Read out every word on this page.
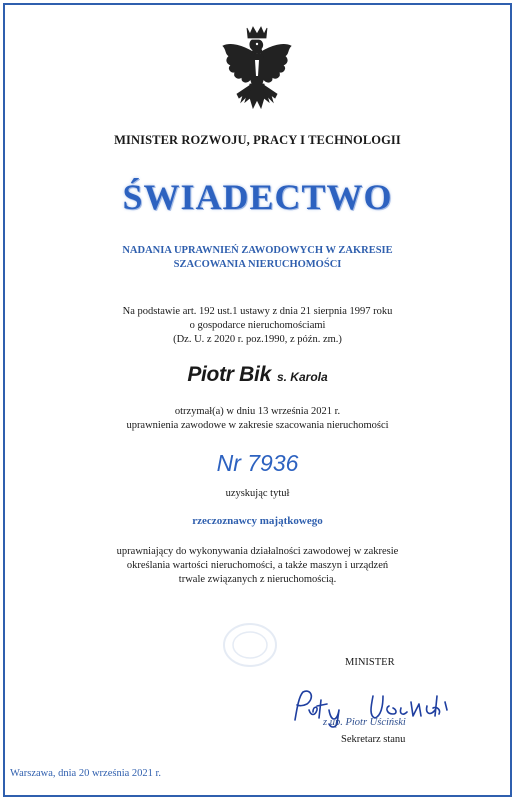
MINISTER ROZWOJU, PRACY I TECHNOLOGII
ŚWIADECTWO
NADANIA UPRAWNIEŃ ZAWODOWYCH W ZAKRESIE
SZACOWANIA NIERUCHOMOŚCI
Na podstawie art. 192 ust.1 ustawy z dnia 21 sierpnia 1997 roku
o gospodarce nieruchomościami
(Dz. U. z 2020 r. poz.1990, z późn. zm.)
Piotr Bik s. Karola
otrzymał(a) w dniu 13 września 2021 r.
uprawnienia zawodowe w zakresie szacowania nieruchomości
Nr 7936
uzyskując tytuł
rzeczoznawcy majątkowego
uprawniający do wykonywania działalności zawodowej w zakresie
określania wartości nieruchomości, a także maszyn i urządzeń
trwale związanych z nieruchomością.
MINISTER
z up. Piotr Uściński
Sekretarz stanu
Warszawa, dnia 20 września 2021 r.
